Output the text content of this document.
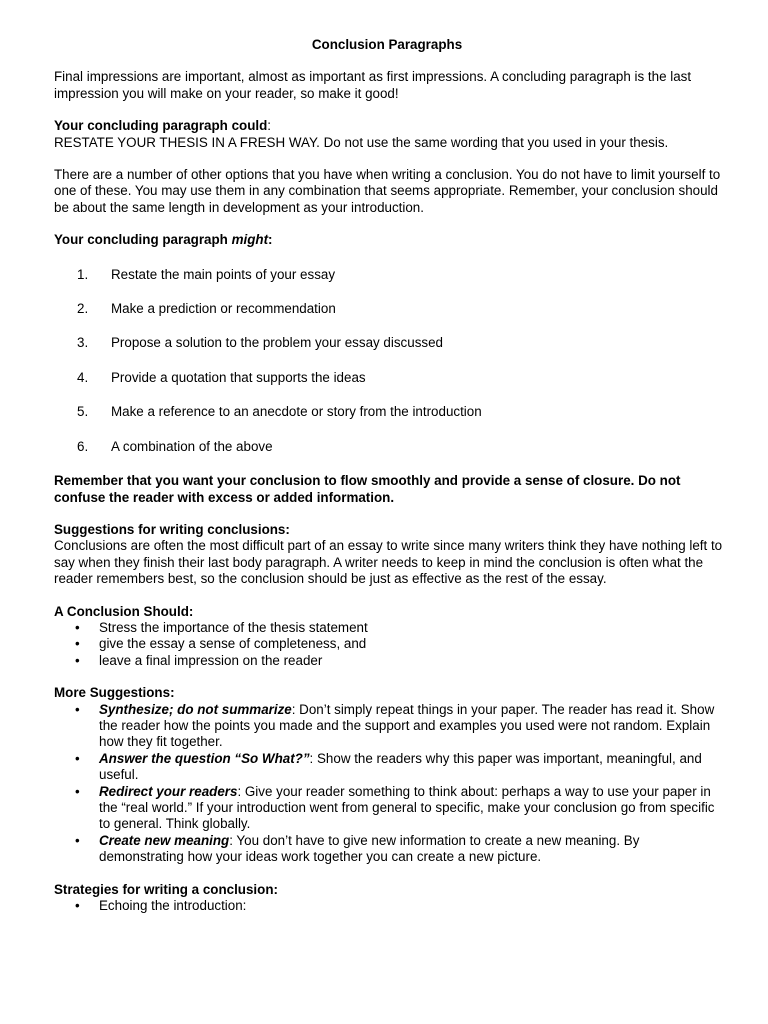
Conclusion Paragraphs

Final impressions are important, almost as important as first impressions. A concluding paragraph is the last impression you will make on your reader, so make it good!

Your concluding paragraph could:

RESTATE YOUR THESIS IN A FRESH WAY. Do not use the same wording that you used in your thesis.

There are a number of other options that you have when writing a conclusion. You do not have to limit yourself to one of these. You may use them in any combination that seems appropriate. Remember, your conclusion should be about the same length in development as your introduction.

Your concluding paragraph might:

1. Restate the main points of your essay
2. Make a prediction or recommendation
3. Propose a solution to the problem your essay discussed
4. Provide a quotation that supports the ideas
5. Make a reference to an anecdote or story from the introduction
6. A combination of the above

Remember that you want your conclusion to flow smoothly and provide a sense of closure. Do not confuse the reader with excess or added information.

Suggestions for writing conclusions:

Conclusions are often the most difficult part of an essay to write since many writers think they have nothing left to say when they finish their last body paragraph. A writer needs to keep in mind the conclusion is often what the reader remembers best, so the conclusion should be just as effective as the rest of the essay.

A Conclusion Should:

• Stress the importance of the thesis statement
• give the essay a sense of completeness, and
• leave a final impression on the reader

More Suggestions:

• Synthesize; do not summarize: Don’t simply repeat things in your paper. The reader has read it. Show the reader how the points you made and the support and examples you used were not random. Explain how they fit together.
• Answer the question “So What?”: Show the readers why this paper was important, meaningful, and useful.
• Redirect your readers: Give your reader something to think about: perhaps a way to use your paper in the “real world.” If your introduction went from general to specific, make your conclusion go from specific to general. Think globally.
• Create new meaning: You don’t have to give new information to create a new meaning. By demonstrating how your ideas work together you can create a new picture.

Strategies for writing a conclusion:

• Echoing the introduction:
